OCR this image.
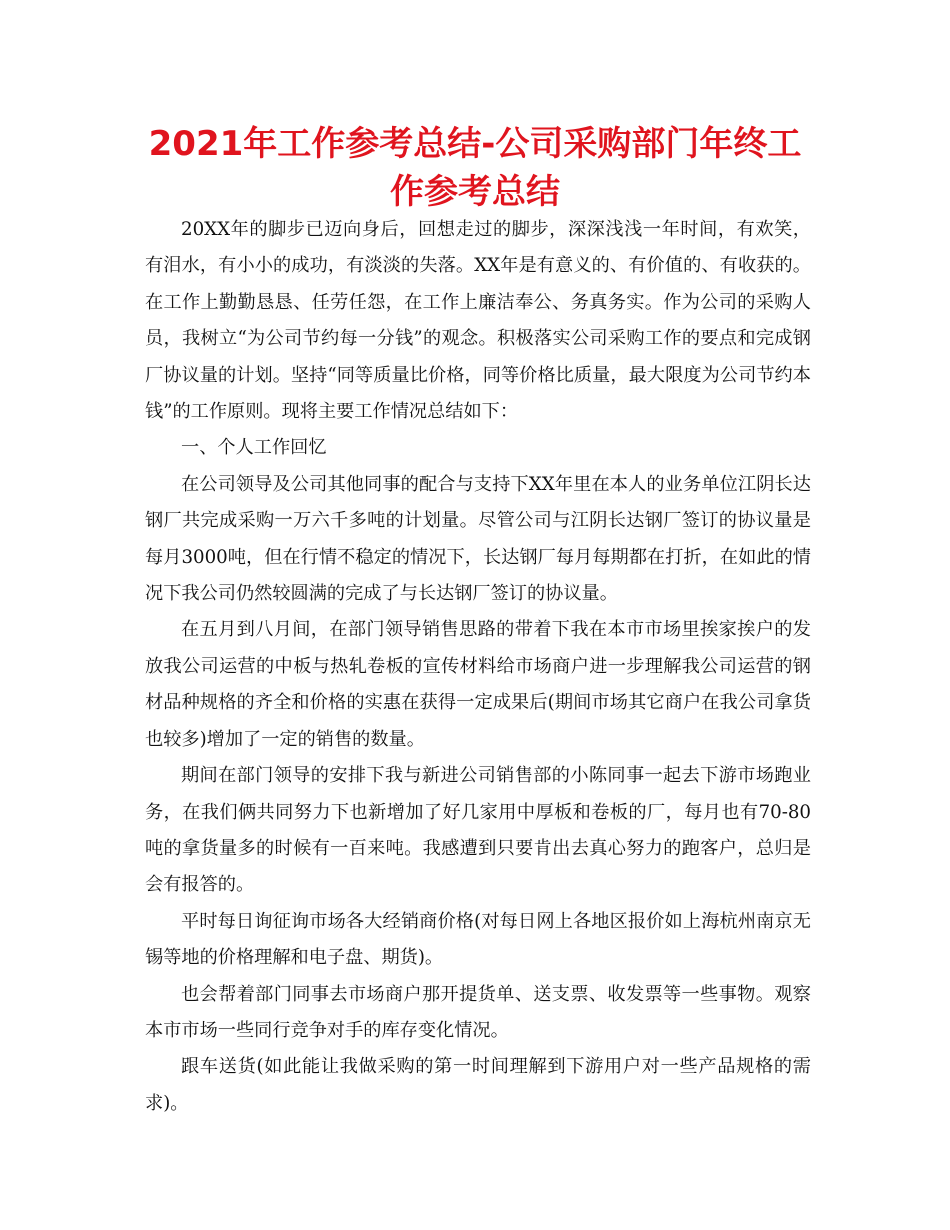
2021年工作参考总结-公司采购部门年终工作参考总结

20XX年的脚步已迈向身后，回想走过的脚步，深深浅浅一年时间，有欢笑，有泪水，有小小的成功，有淡淡的失落。XX年是有意义的、有价值的、有收获的。在工作上勤勤恳恳、任劳任怨，在工作上廉洁奉公、务真务实。作为公司的采购人员，我树立“为公司节约每一分钱”的观念。积极落实公司采购工作的要点和完成钢厂协议量的计划。坚持“同等质量比价格，同等价格比质量，最大限度为公司节约本钱”的工作原则。现将主要工作情况总结如下：

一、个人工作回忆

在公司领导及公司其他同事的配合与支持下XX年里在本人的业务单位江阴长达钢厂共完成采购一万六千多吨的计划量。尽管公司与江阴长达钢厂签订的协议量是每月3000吨，但在行情不稳定的情况下，长达钢厂每月每期都在打折，在如此的情况下我公司仍然较圆满的完成了与长达钢厂签订的协议量。

在五月到八月间，在部门领导销售思路的带着下我在本市市场里挨家挨户的发放我公司运营的中板与热轧卷板的宣传材料给市场商户进一步理解我公司运营的钢材品种规格的齐全和价格的实惠在获得一定成果后(期间市场其它商户在我公司拿货也较多)增加了一定的销售的数量。

期间在部门领导的安排下我与新进公司销售部的小陈同事一起去下游市场跑业务，在我们俩共同努力下也新增加了好几家用中厚板和卷板的厂，每月也有70-80吨的拿货量多的时候有一百来吨。我感遭到只要肯出去真心努力的跑客户，总归是会有报答的。

平时每日询征询市场各大经销商价格(对每日网上各地区报价如上海杭州南京无锡等地的价格理解和电子盘、期货)。

也会帮着部门同事去市场商户那开提货单、送支票、收发票等一些事物。观察本市市场一些同行竞争对手的库存变化情况。

跟车送货(如此能让我做采购的第一时间理解到下游用户对一些产品规格的需求)。
